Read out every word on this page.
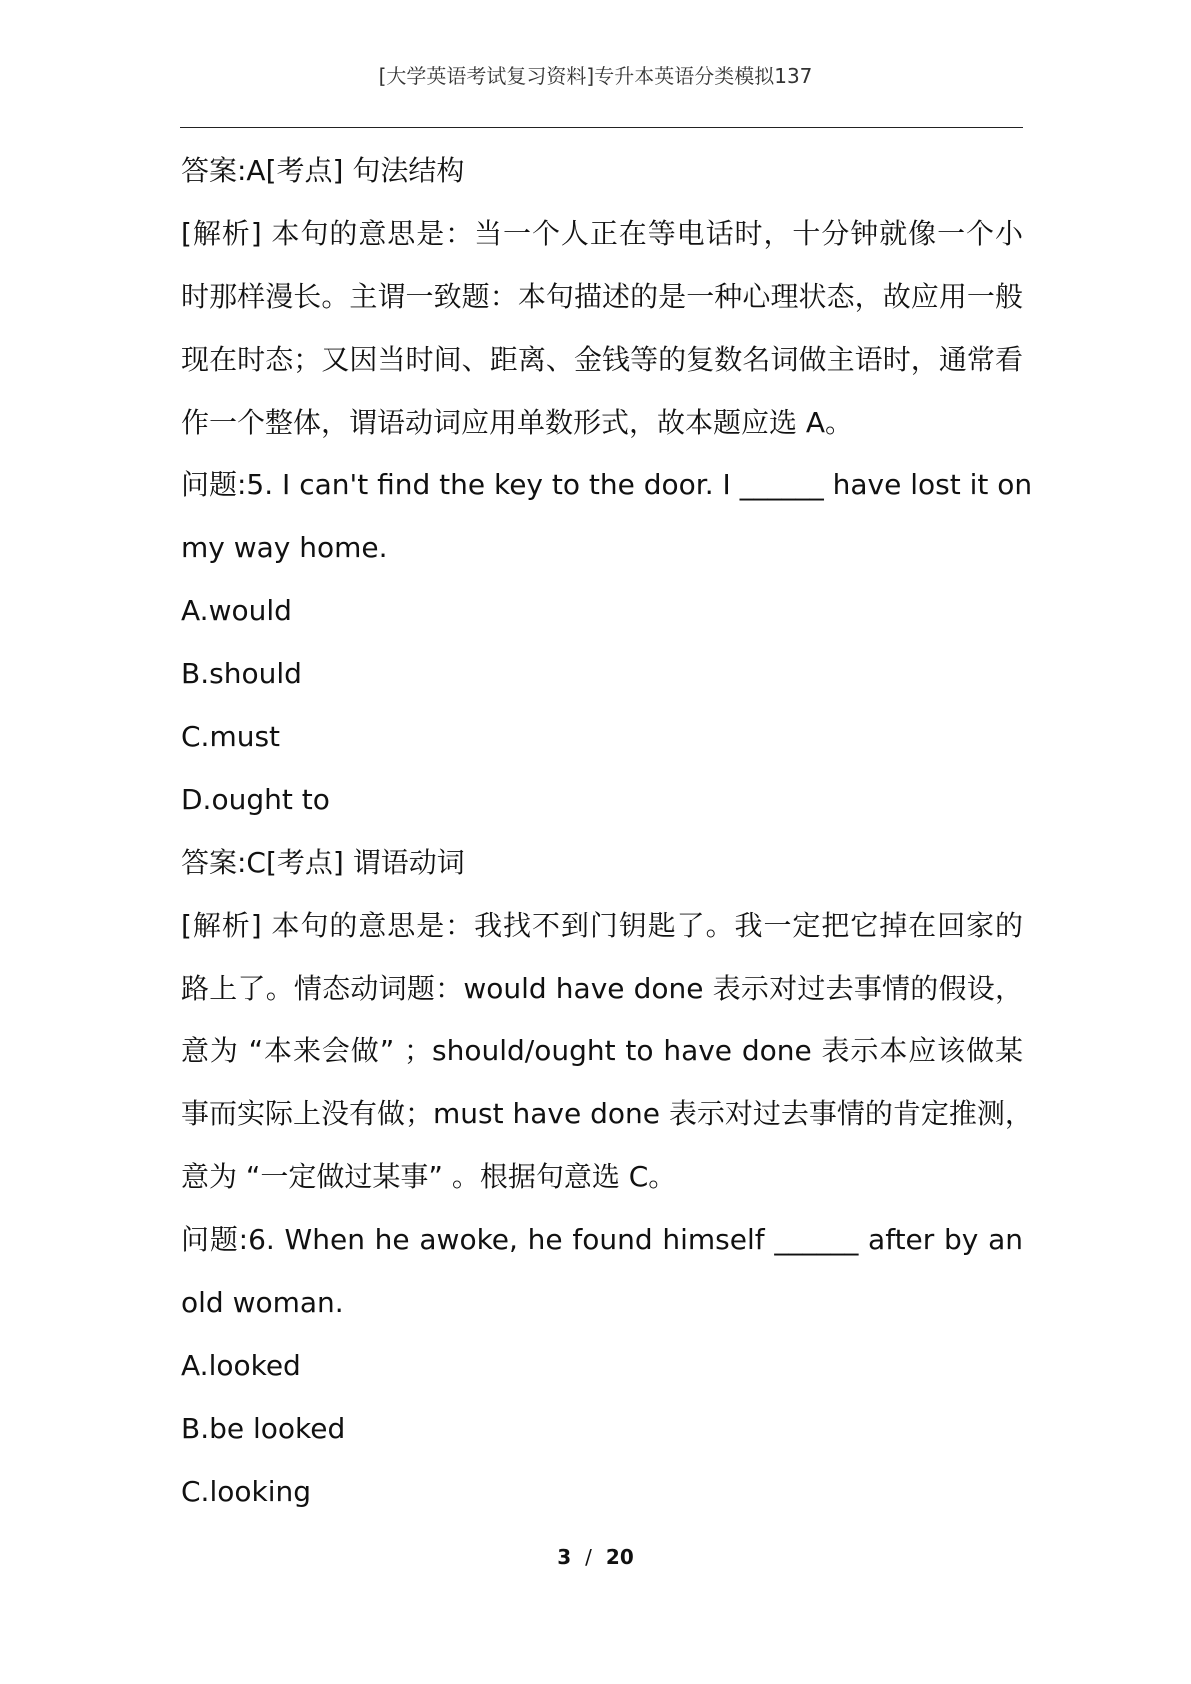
[大学英语考试复习资料]专升本英语分类模拟137
答案:A[考点] 句法结构
[解析] 本句的意思是：当一个人正在等电话时，十分钟就像一个小
时那样漫长。主谓一致题：本句描述的是一种心理状态，故应用一般
现在时态；又因当时间、距离、金钱等的复数名词做主语时，通常看
作一个整体，谓语动词应用单数形式，故本题应选 A。
问题:5. I can't find the key to the door. I ______ have lost it on
my way home.
A.would
B.should
C.must
D.ought to
答案:C[考点] 谓语动词
[解析] 本句的意思是：我找不到门钥匙了。我一定把它掉在回家的
路上了。情态动词题：would have done 表示对过去事情的假设，
意为 “本来会做” ；should/ought to have done 表示本应该做某
事而实际上没有做；must have done 表示对过去事情的肯定推测，
意为 “一定做过某事” 。根据句意选 C。
问题:6. When he awoke, he found himself ______ after by an
old woman.
A.looked
B.be looked
C.looking
3 / 20
